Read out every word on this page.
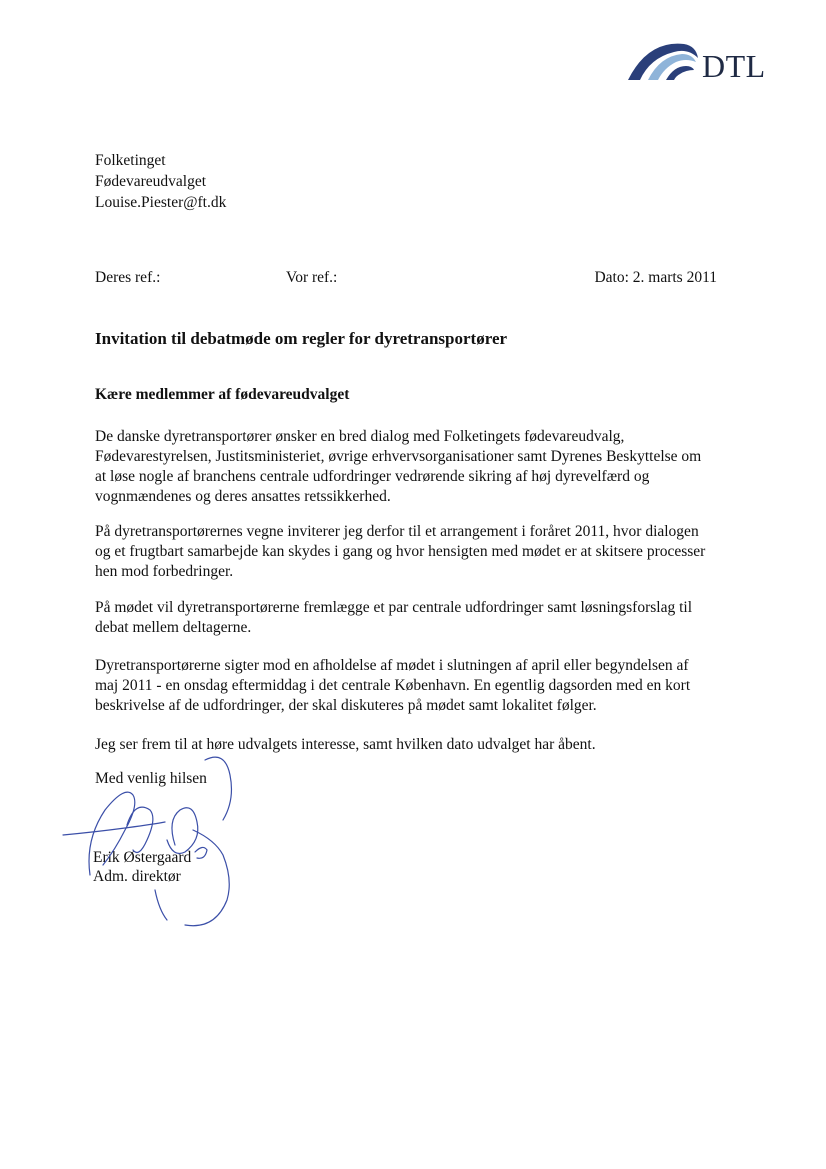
DTL
Folketinget
Fødevareudvalget
Louise.Piester@ft.dk
Deres ref.:	Vor ref.:	Dato: 2. marts 2011
Invitation til debatmøde om regler for dyretransportører
Kære medlemmer af fødevareudvalget
De danske dyretransportører ønsker en bred dialog med Folketingets fødevareudvalg, Fødevarestyrelsen, Justitsministeriet, øvrige erhvervsorganisationer samt Dyrenes Beskyttelse om at løse nogle af branchens centrale udfordringer vedrørende sikring af høj dyrevelfærd og vognmændenes og deres ansattes retssikkerhed.
På dyretransportørernes vegne inviterer jeg derfor til et arrangement i foråret 2011, hvor dialogen og et frugtbart samarbejde kan skydes i gang og hvor hensigten med mødet er at skitsere processer hen mod forbedringer.
På mødet vil dyretransportørerne fremlægge et par centrale udfordringer samt løsningsforslag til debat mellem deltagerne.
Dyretransportørerne sigter mod en afholdelse af mødet i slutningen af april eller begyndelsen af maj 2011 - en onsdag eftermiddag i det centrale København. En egentlig dagsorden med en kort beskrivelse af de udfordringer, der skal diskuteres på mødet samt lokalitet følger.
Jeg ser frem til at høre udvalgets interesse, samt hvilken dato udvalget har åbent.
Med venlig hilsen
Erik Østergaard
Adm. direktør
